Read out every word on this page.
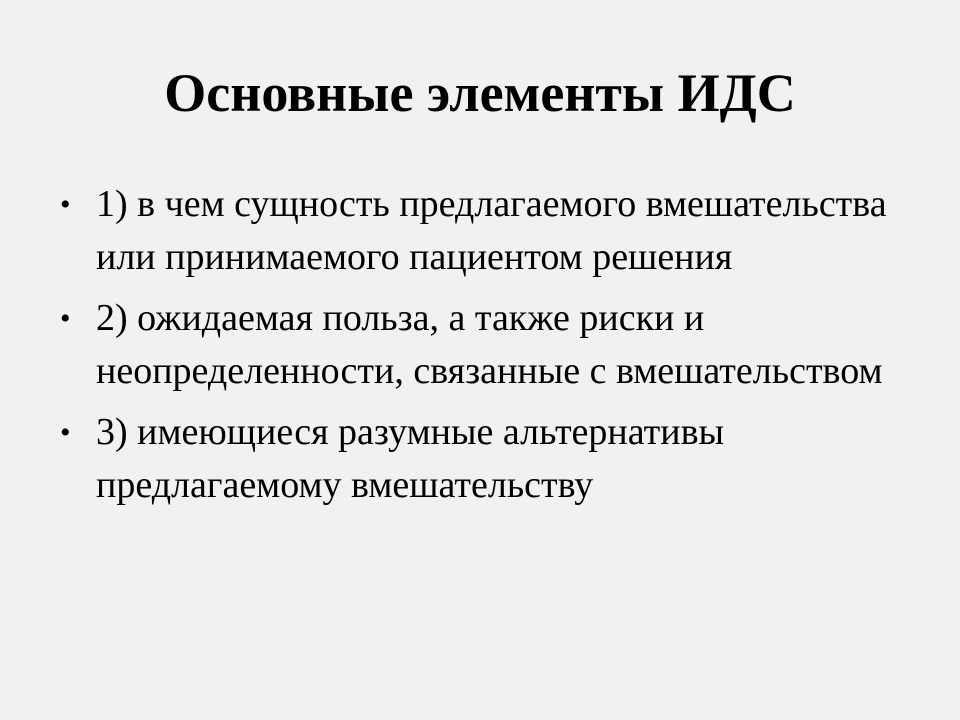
Основные элементы ИДС
• 1) в чем сущность предлагаемого вмешательства или принимаемого пациентом решения
• 2) ожидаемая польза, а также риски и неопределенности, связанные с вмешательством
• 3) имеющиеся разумные альтернативы предлагаемому вмешательству
